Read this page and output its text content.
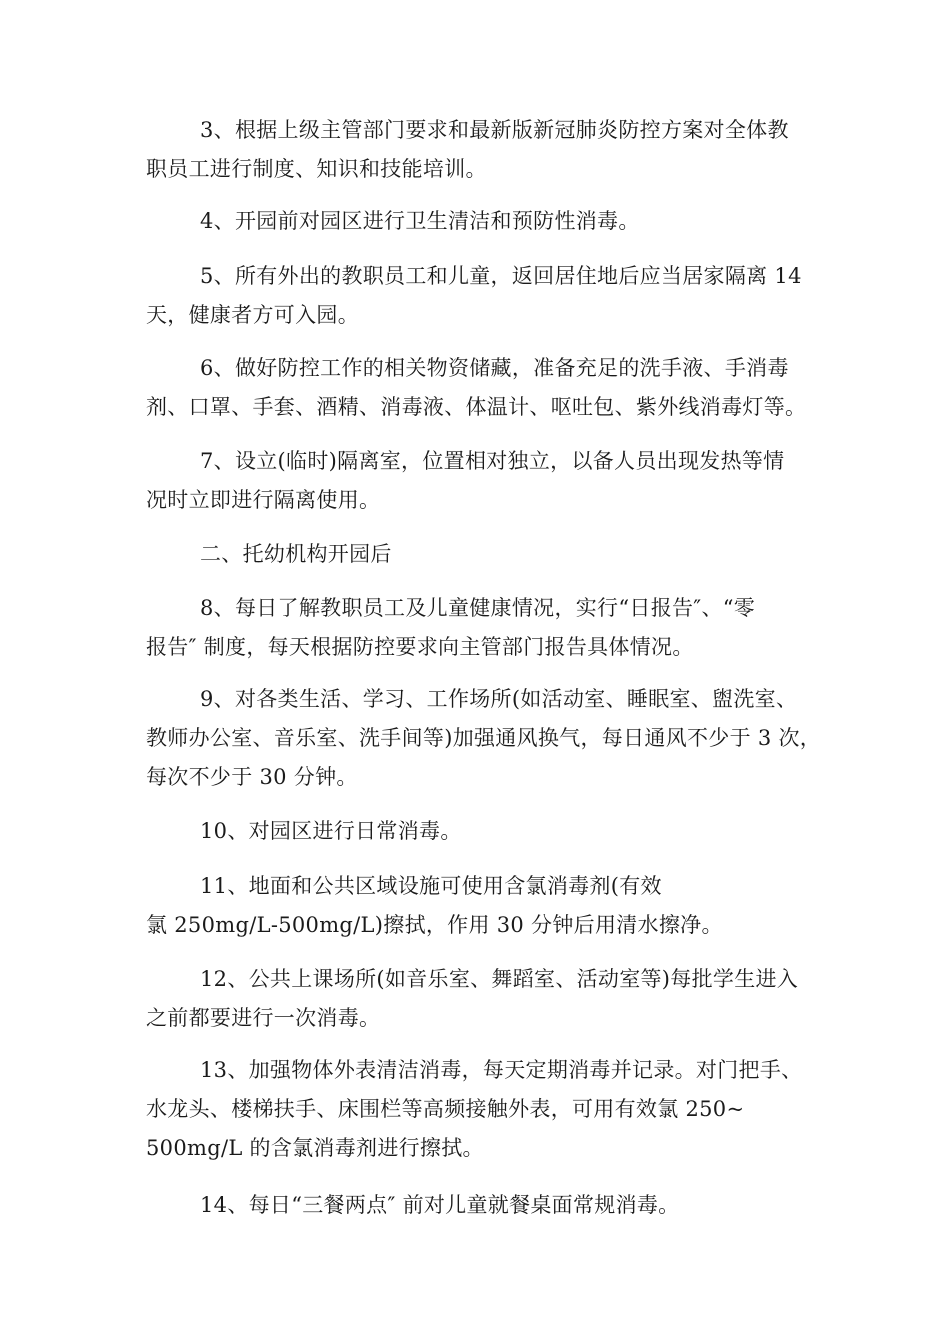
3、根据上级主管部门要求和最新版新冠肺炎防控方案对全体教
职员工进行制度、知识和技能培训。
4、开园前对园区进行卫生清洁和预防性消毒。
5、所有外出的教职员工和儿童，返回居住地后应当居家隔离 14
天，健康者方可入园。
6、做好防控工作的相关物资储藏，准备充足的洗手液、手消毒
剂、口罩、手套、酒精、消毒液、体温计、呕吐包、紫外线消毒灯等。
7、设立(临时)隔离室，位置相对独立，以备人员出现发热等情
况时立即进行隔离使用。
二、托幼机构开园后
8、每日了解教职员工及儿童健康情况，实行“日报告″、“零
报告″ 制度，每天根据防控要求向主管部门报告具体情况。
9、对各类生活、学习、工作场所(如活动室、睡眠室、盥洗室、
教师办公室、音乐室、洗手间等)加强通风换气，每日通风不少于 3 次，
每次不少于 30 分钟。
10、对园区进行日常消毒。
11、地面和公共区域设施可使用含氯消毒剂(有效
氯 250mg/L-500mg/L)擦拭，作用 30 分钟后用清水擦净。
12、公共上课场所(如音乐室、舞蹈室、活动室等)每批学生进入
之前都要进行一次消毒。
13、加强物体外表清洁消毒，每天定期消毒并记录。对门把手、
水龙头、楼梯扶手、床围栏等高频接触外表，可用有效氯 250~
500mg/L 的含氯消毒剂进行擦拭。
14、每日“三餐两点″ 前对儿童就餐桌面常规消毒。
